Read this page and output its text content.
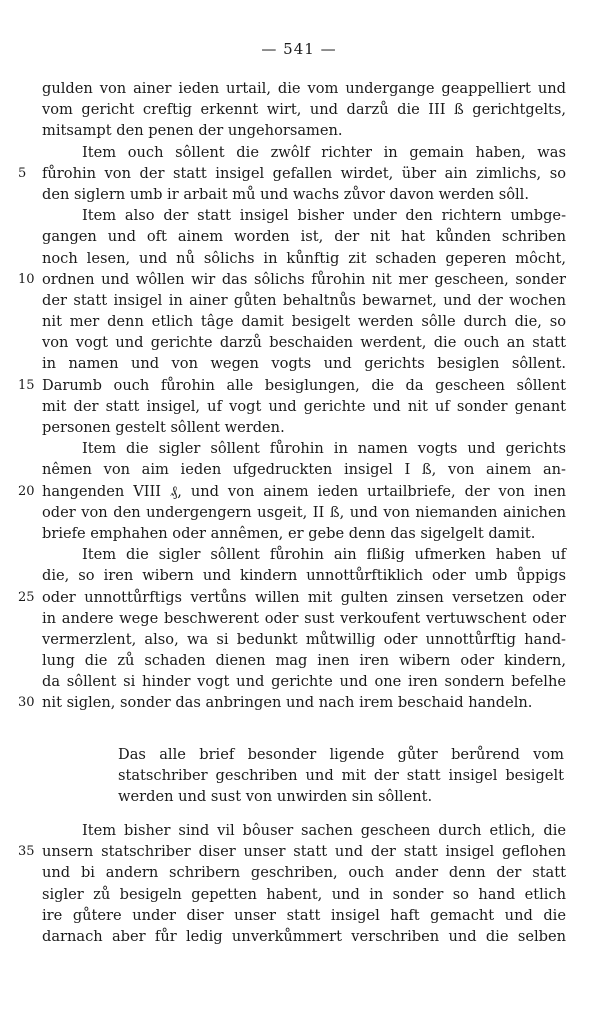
— 541 —
gulden von ainer ieden urtail, die vom undergange geappelliert und
vom gericht creftig erkennt wirt, und darzů die III ß gerichtgelts,
mitsampt den penen der ungehorsamen.
Item ouch sôllent die zwôlf richter in gemain haben, was
fůrohin von der statt insigel gefallen wirdet, über ain zimlichs, so
5
den siglern umb ir arbait mů und wachs zůvor davon werden sôll.
Item also der statt insigel bisher under den richtern umbge-
gangen und oft ainem worden ist, der nit hat kůnden schriben
noch lesen, und nů sôlichs in kůnftig zit schaden geperen môcht,
ordnen und wôllen wir das sôlichs fůrohin nit mer gescheen, sonder
10
der statt insigel in ainer gůten behaltnůs bewarnet, und der wochen
nit mer denn etlich tâge damit besigelt werden sôlle durch die, so
von vogt und gerichte darzů beschaiden werdent, die ouch an statt
in namen und von wegen vogts und gerichts besiglen sôllent.
Darumb ouch fůrohin alle besiglungen, die da gescheen sôllent
15
mit der statt insigel, uf vogt und gerichte und nit uf sonder genant
personen gestelt sôllent werden.
Item die sigler sôllent fůrohin in namen vogts und gerichts
nêmen von aim ieden ufgedruckten insigel I ß, von ainem an-
hangenden VIII ₰, und von ainem ieden urtailbriefe, der von inen
20
oder von den undergengern usgeit, II ß, und von niemanden ainichen
briefe emphahen oder annêmen, er gebe denn das sigelgelt damit.
Item die sigler sôllent fůrohin ain flißig ufmerken haben uf
die, so iren wibern und kindern unnottůrftiklich oder umb ůppigs
oder unnottůrftigs vertůns willen mit gulten zinsen versetzen oder
25
in andere wege beschwerent oder sust verkoufent vertuwschent oder
vermerzlent, also, wa si bedunkt můtwillig oder unnottůrftig hand-
lung die zů schaden dienen mag inen iren wibern oder kindern,
da sôllent si hinder vogt und gerichte und one iren sondern befelhe
nit siglen, sonder das anbringen und nach irem beschaid handeln.
30
Das alle brief besonder ligende gůter berůrend vom
statschriber geschriben und mit der statt insigel besigelt
werden und sust von unwirden sin sôllent.
Item bisher sind vil bôuser sachen gescheen durch etlich, die
unsern statschriber diser unser statt und der statt insigel geflohen
35
und bi andern schribern geschriben, ouch ander denn der statt
sigler zů besigeln gepetten habent, und in sonder so hand etlich
ire gůtere under diser unser statt insigel haft gemacht und die
darnach aber fůr ledig unverkůmmert verschriben und die selben
